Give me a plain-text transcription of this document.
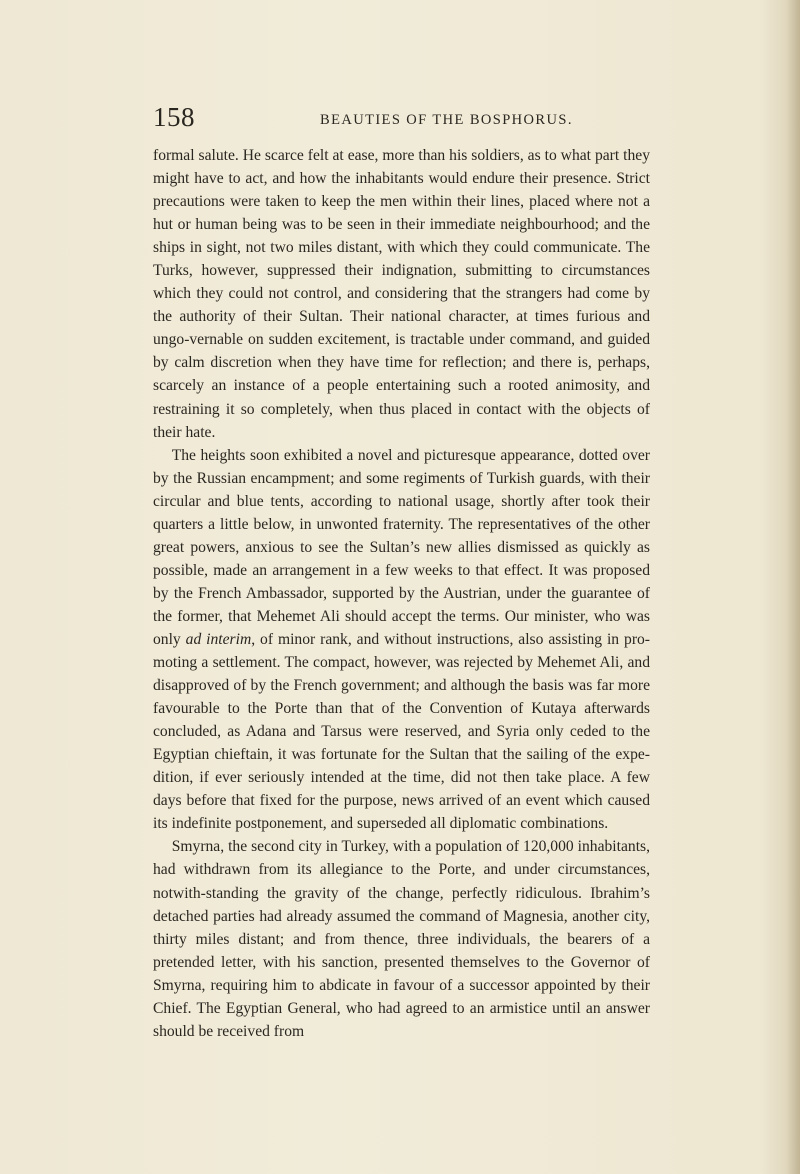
158	BEAUTIES OF THE BOSPHORUS.

formal salute. He scarce felt at ease, more than his soldiers, as to what part they might have to act, and how the inhabitants would endure their presence. Strict precautions were taken to keep the men within their lines, placed where not a hut or human being was to be seen in their immediate neighbourhood; and the ships in sight, not two miles distant, with which they could communicate. The Turks, however, suppressed their indignation, submitting to circumstances which they could not control, and considering that the strangers had come by the authority of their Sultan. Their national character, at times furious and ungo-vernable on sudden excitement, is tractable under command, and guided by calm discretion when they have time for reflection; and there is, perhaps, scarcely an instance of a people entertaining such a rooted animosity, and restraining it so completely, when thus placed in contact with the objects of their hate.

The heights soon exhibited a novel and picturesque appearance, dotted over by the Russian encampment; and some regiments of Turkish guards, with their circular and blue tents, according to national usage, shortly after took their quarters a little below, in unwonted fraternity. The representatives of the other great powers, anxious to see the Sultan’s new allies dismissed as quickly as possible, made an arrangement in a few weeks to that effect. It was proposed by the French Ambassador, supported by the Austrian, under the guarantee of the former, that Mehemet Ali should accept the terms. Our minister, who was only ad interim, of minor rank, and without instructions, also assisting in pro-moting a settlement. The compact, however, was rejected by Mehemet Ali, and disapproved of by the French government; and although the basis was far more favourable to the Porte than that of the Convention of Kutaya afterwards concluded, as Adana and Tarsus were reserved, and Syria only ceded to the Egyptian chieftain, it was fortunate for the Sultan that the sailing of the expe-dition, if ever seriously intended at the time, did not then take place. A few days before that fixed for the purpose, news arrived of an event which caused its indefinite postponement, and superseded all diplomatic combinations.

Smyrna, the second city in Turkey, with a population of 120,000 inhabitants, had withdrawn from its allegiance to the Porte, and under circumstances, notwith-standing the gravity of the change, perfectly ridiculous. Ibrahim’s detached parties had already assumed the command of Magnesia, another city, thirty miles distant; and from thence, three individuals, the bearers of a pretended letter, with his sanction, presented themselves to the Governor of Smyrna, requiring him to abdicate in favour of a successor appointed by their Chief. The Egyptian General, who had agreed to an armistice until an answer should be received from
